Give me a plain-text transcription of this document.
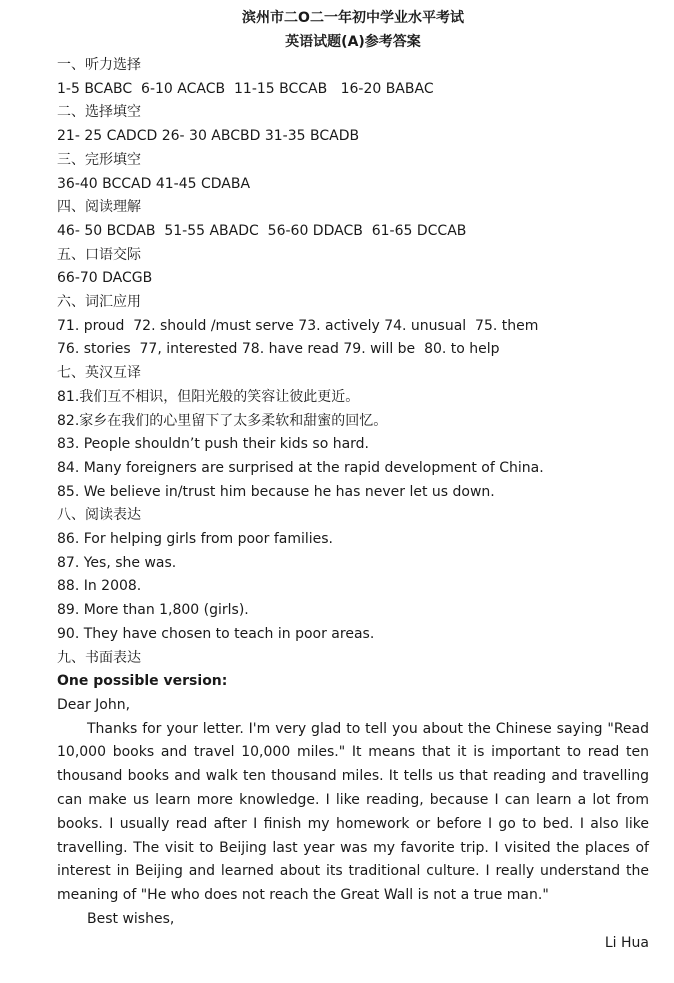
滨州市二O二一年初中学业水平考试

英语试题(A)参考答案

一、听力选择

1-5 BCABC  6-10 ACACB  11-15 BCCAB   16-20 BABAC

二、选择填空

21- 25 CADCD 26- 30 ABCBD 31-35 BCADB

三、完形填空

36-40 BCCAD 41-45 CDABA

四、阅读理解

46- 50 BCDAB  51-55 ABADC  56-60 DDACB  61-65 DCCAB

五、口语交际

66-70 DACGB

六、词汇应用

71. proud  72. should /must serve 73. actively 74. unusual  75. them

76. stories  77, interested 78. have read 79. will be  80. to help

七、英汉互译

81.我们互不相识，但阳光般的笑容让彼此更近。

82.家乡在我们的心里留下了太多柔软和甜蜜的回忆。

83. People shouldn’t push their kids so hard.

84. Many foreigners are surprised at the rapid development of China.

85. We believe in/trust him because he has never let us down.

八、阅读表达

86. For helping girls from poor families.

87. Yes, she was.

88. In 2008.

89. More than 1,800 (girls).

90. They have chosen to teach in poor areas.

九、书面表达

One possible version:

Dear John,

Thanks for your letter. I'm very glad to tell you about the Chinese saying "Read 10,000 books and travel 10,000 miles." It means that it is important to read ten thousand books and walk ten thousand miles. It tells us that reading and travelling can make us learn more knowledge. I like reading, because I can learn a lot from books. I usually read after I finish my homework or before I go to bed. I also like travelling. The visit to Beijing last year was my favorite trip. I visited the places of interest in Beijing and learned about its traditional culture. I really understand the meaning of "He who does not reach the Great Wall is not a true man."

Best wishes,

Li Hua
